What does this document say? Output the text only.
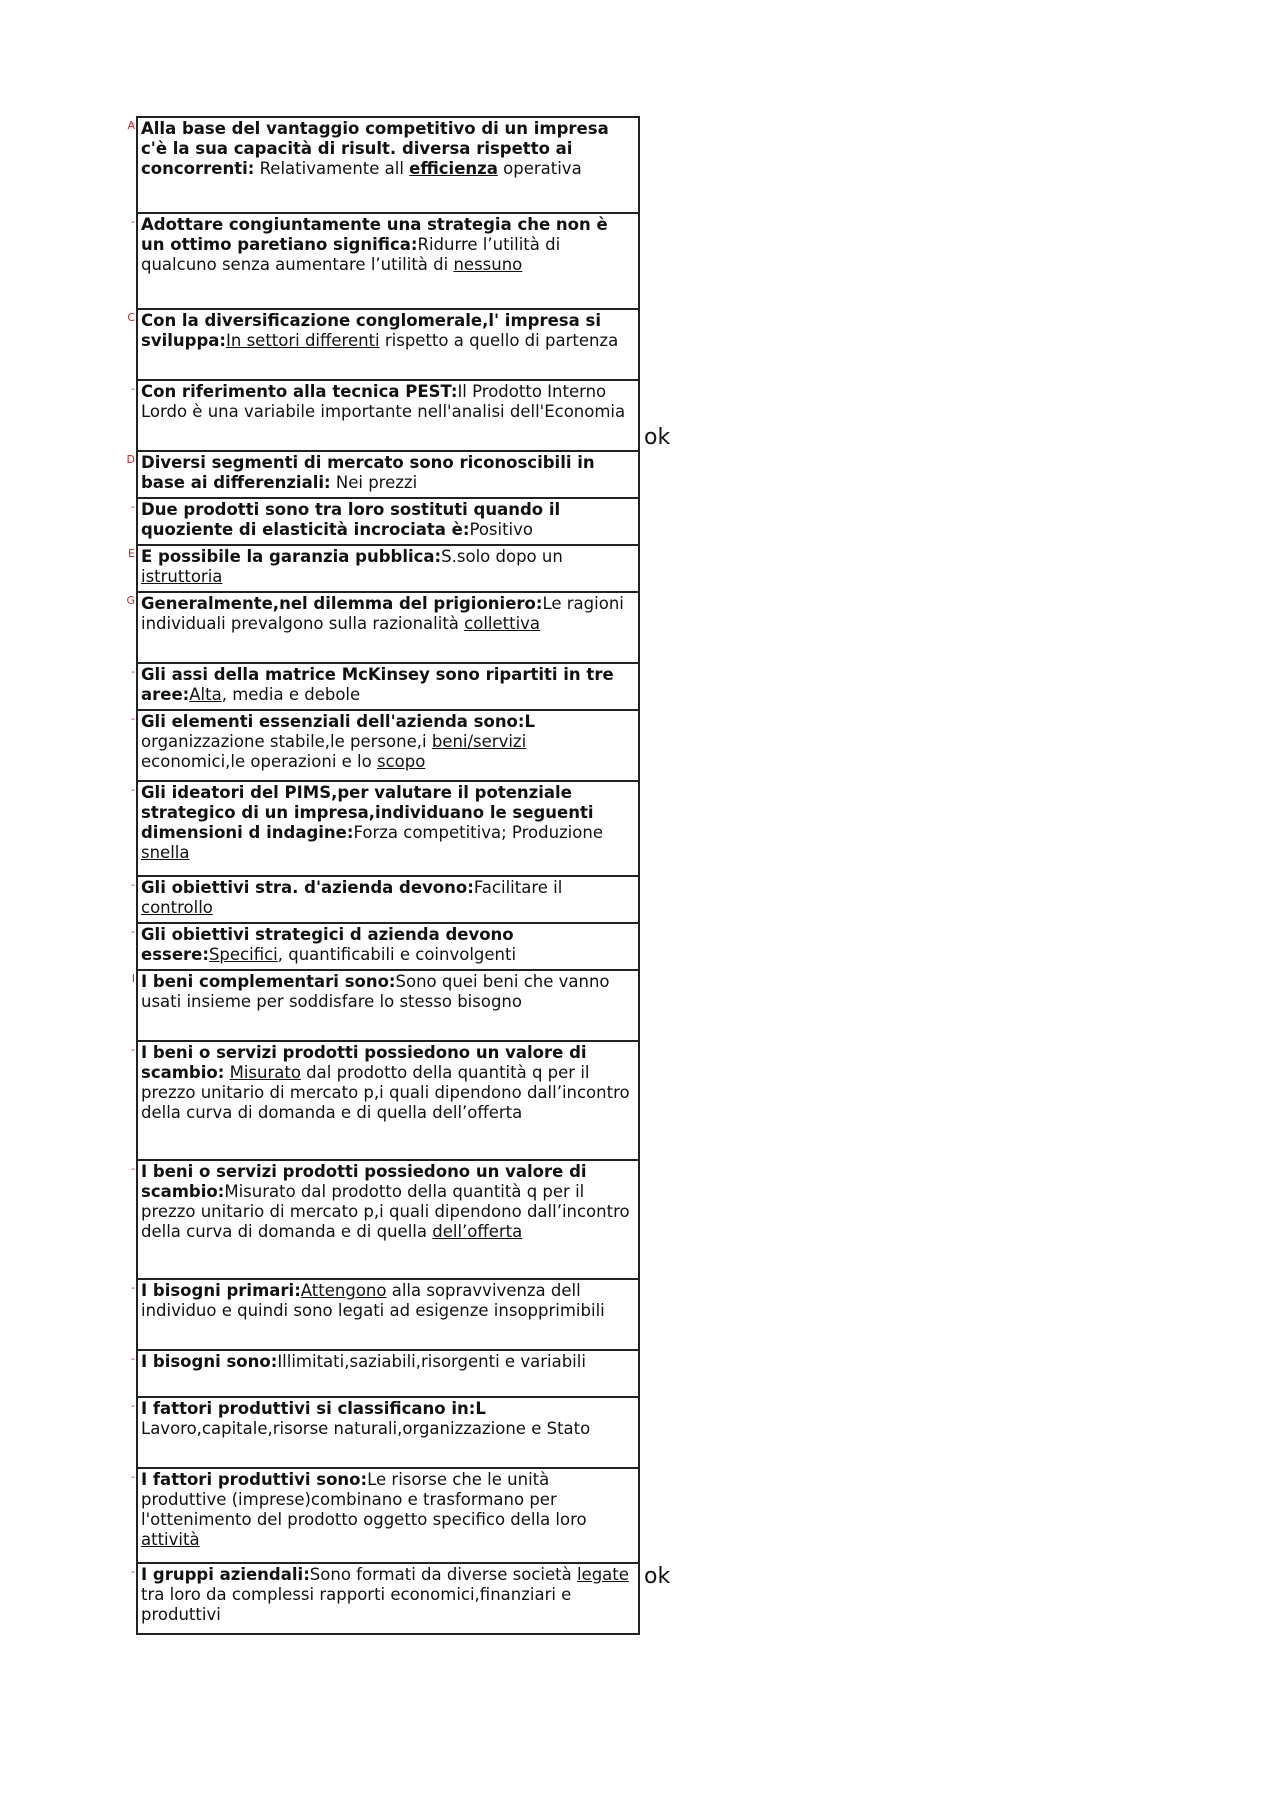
A Alla base del vantaggio competitivo di un impresa c'è la sua capacità di risult. diversa rispetto ai concorrenti: Relativamente all efficienza operativa
- Adottare congiuntamente una strategia che non è un ottimo paretiano significa:Ridurre l’utilità di qualcuno senza aumentare l’utilità di nessuno
C Con la diversificazione conglomerale,l' impresa si sviluppa:In settori differenti rispetto a quello di partenza
- Con riferimento alla tecnica PEST:Il Prodotto Interno Lordo è una variabile importante nell'analisi dell'Economia
D Diversi segmenti di mercato sono riconoscibili in base ai differenziali: Nei prezzi
- Due prodotti sono tra loro sostituti quando il quoziente di elasticità incrociata è:Positivo
E E possibile la garanzia pubblica:S.solo dopo un istruttoria
G Generalmente,nel dilemma del prigioniero:Le ragioni individuali prevalgono sulla razionalità collettiva
- Gli assi della matrice McKinsey sono ripartiti in tre aree:Alta, media e debole
- Gli elementi essenziali dell'azienda sono:L organizzazione stabile,le persone,i beni/servizi economici,le operazioni e lo scopo
- Gli ideatori del PIMS,per valutare il potenziale strategico di un impresa,individuano le seguenti dimensioni d indagine:Forza competitiva; Produzione snella
- Gli obiettivi stra. d'azienda devono:Facilitare il controllo
- Gli obiettivi strategici d azienda devono essere:Specifici, quantificabili e coinvolgenti
I I beni complementari sono:Sono quei beni che vanno usati insieme per soddisfare lo stesso bisogno
- I beni o servizi prodotti possiedono un valore di scambio: Misurato dal prodotto della quantità q per il prezzo unitario di mercato p,i quali dipendono dall’incontro della curva di domanda e di quella dell’offerta
- I beni o servizi prodotti possiedono un valore di scambio:Misurato dal prodotto della quantità q per il prezzo unitario di mercato p,i quali dipendono dall’incontro della curva di domanda e di quella dell’offerta
- I bisogni primari:Attengono alla sopravvivenza dell individuo e quindi sono legati ad esigenze insopprimibili
- I bisogni sono:Illimitati,saziabili,risorgenti e variabili
- I fattori produttivi si classificano in:L Lavoro,capitale,risorse naturali,organizzazione e Stato
- I fattori produttivi sono:Le risorse che le unità produttive (imprese)combinano e trasformano per l'ottenimento del prodotto oggetto specifico della loro attività
- I gruppi aziendali:Sono formati da diverse società legate tra loro da complessi rapporti economici,finanziari e produttivi
ok
ok
